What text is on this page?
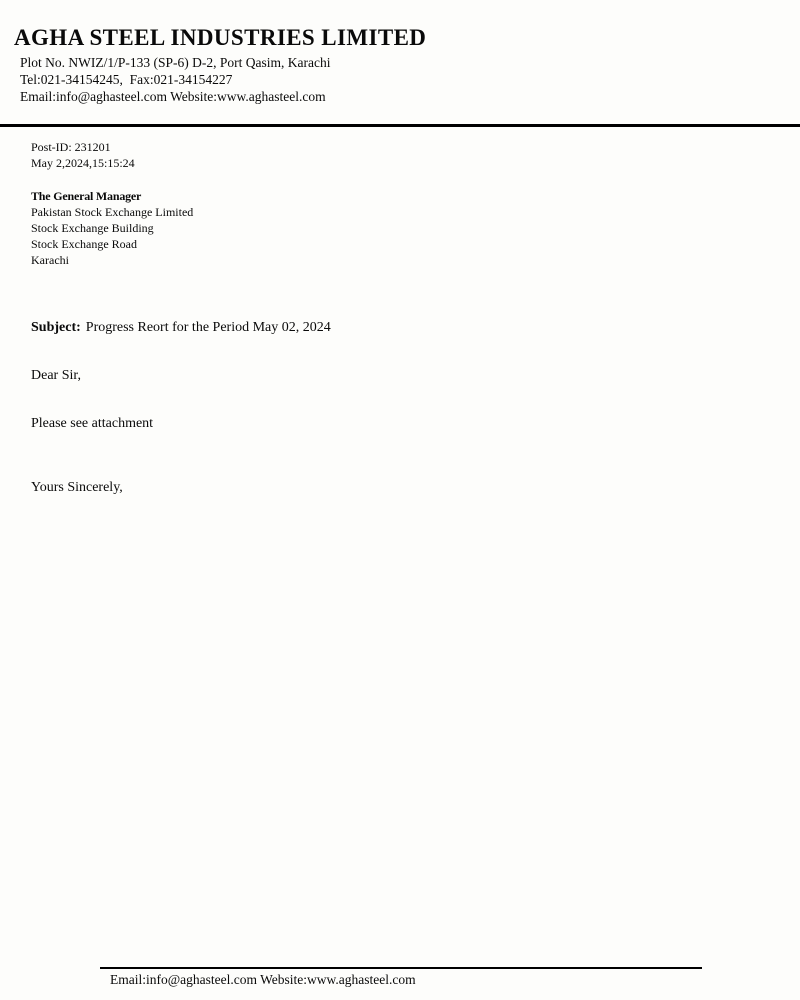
AGHA STEEL INDUSTRIES LIMITED
Plot No. NWIZ/1/P-133 (SP-6) D-2, Port Qasim, Karachi
Tel:021-34154245,  Fax:021-34154227
Email:info@aghasteel.com Website:www.aghasteel.com
Post-ID: 231201
May 2,2024,15:15:24
The General Manager
Pakistan Stock Exchange Limited
Stock Exchange Building
Stock Exchange Road
Karachi
Subject: Progress Reort for the Period May 02, 2024
Dear Sir,
Please see attachment
Yours Sincerely,
Email:info@aghasteel.com Website:www.aghasteel.com
